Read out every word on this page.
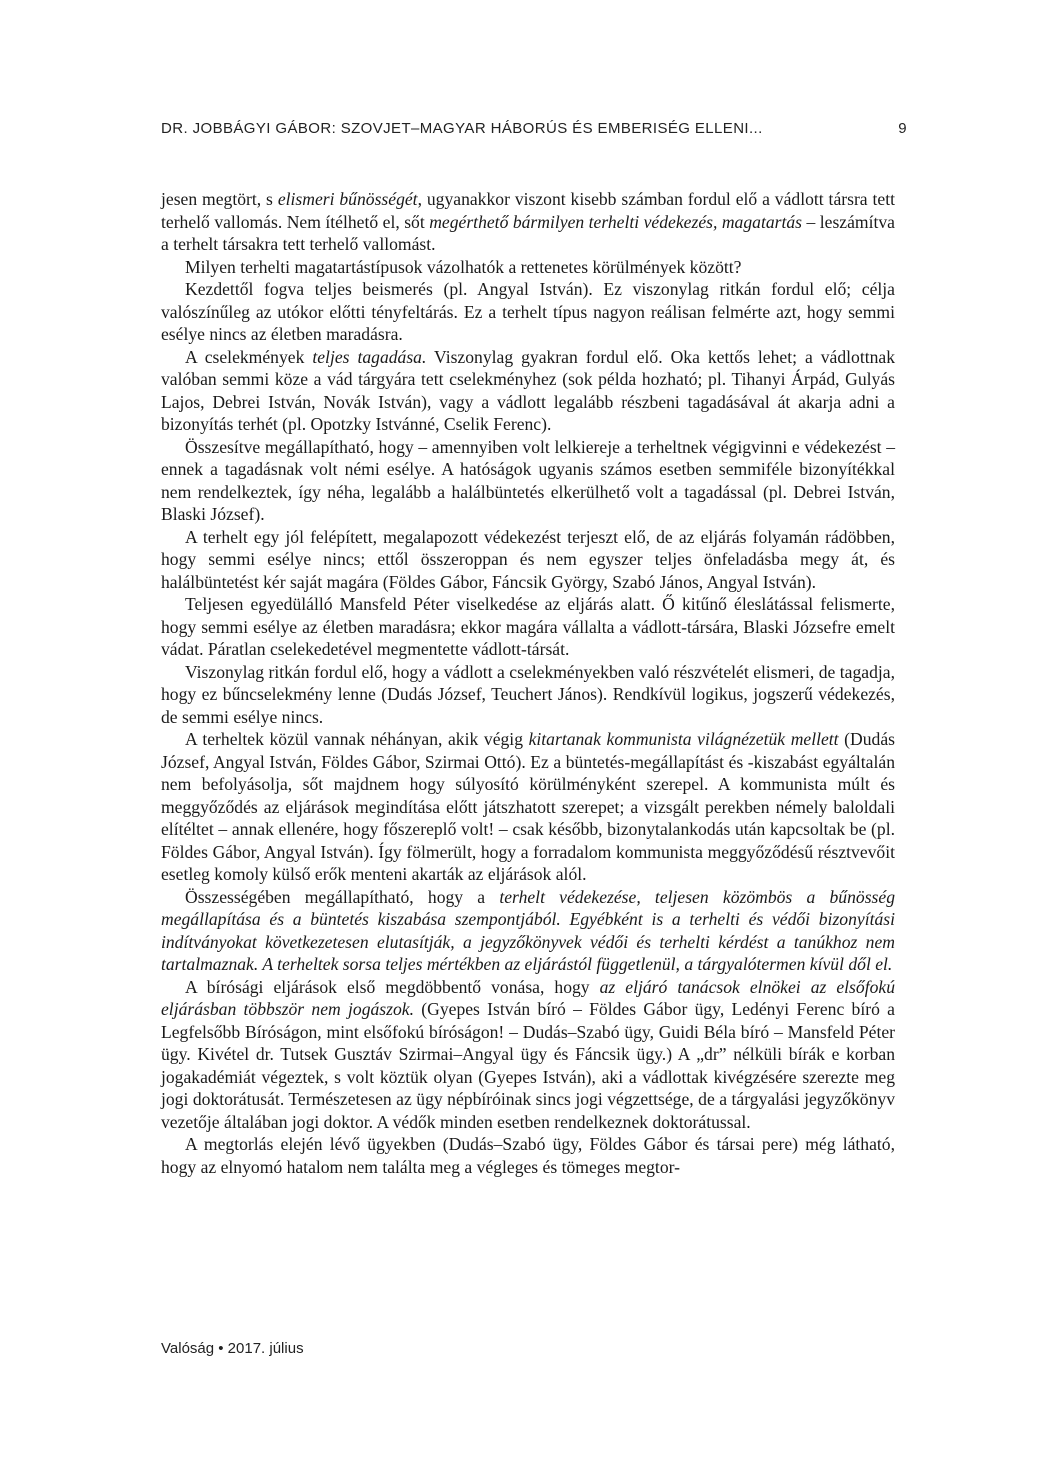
DR. JOBBÁGYI GÁBOR: SZOVJET–MAGYAR HÁBORÚS ÉS EMBERISÉG ELLENI...	9

jesen megtört, s elismeri bűnösségét, ugyanakkor viszont kisebb számban fordul elő a vádlott társra tett terhelő vallomás. Nem ítélhető el, sőt megérthető bármilyen terhelti védekezés, magatartás – leszámítva a terhelt társakra tett terhelő vallomást.

Milyen terhelti magatartástípusok vázolhatók a rettenetes körülmények között?

Kezdettől fogva teljes beismerés (pl. Angyal István). Ez viszonylag ritkán fordul elő; célja valószínűleg az utókor előtti tényfeltárás. Ez a terhelt típus nagyon reálisan felmérte azt, hogy semmi esélye nincs az életben maradásra.

A cselekmények teljes tagadása. Viszonylag gyakran fordul elő. Oka kettős lehet; a vádlottnak valóban semmi köze a vád tárgyára tett cselekményhez (sok példa hozható; pl. Tihanyi Árpád, Gulyás Lajos, Debrei István, Novák István), vagy a vádlott legalább részbeni tagadásával át akarja adni a bizonyítás terhét (pl. Opotzky Istvánné, Cselik Ferenc).

Összesítve megállapítható, hogy – amennyiben volt lelkiereje a terheltnek végigvinni e védekezést – ennek a tagadásnak volt némi esélye. A hatóságok ugyanis számos esetben semmiféle bizonyítékkal nem rendelkeztek, így néha, legalább a halálbüntetés elkerülhető volt a tagadással (pl. Debrei István, Blaski József).

A terhelt egy jól felépített, megalapozott védekezést terjeszt elő, de az eljárás folyamán rádöbben, hogy semmi esélye nincs; ettől összeroppan és nem egyszer teljes önfeladásba megy át, és halálbüntetést kér saját magára (Földes Gábor, Fáncsik György, Szabó János, Angyal István).

Teljesen egyedülálló Mansfeld Péter viselkedése az eljárás alatt. Ő kitűnő éleslátással felismerte, hogy semmi esélye az életben maradásra; ekkor magára vállalta a vádlott-társára, Blaski Józsefre emelt vádat. Páratlan cselekedetével megmentette vádlott-társát.

Viszonylag ritkán fordul elő, hogy a vádlott a cselekményekben való részvételét elismeri, de tagadja, hogy ez bűncselekmény lenne (Dudás József, Teuchert János). Rendkívül logikus, jogszerű védekezés, de semmi esélye nincs.

A terheltek közül vannak néhányan, akik végig kitartanak kommunista világnézetük mellett (Dudás József, Angyal István, Földes Gábor, Szirmai Ottó). Ez a büntetés-megállapítást és -kiszabást egyáltalán nem befolyásolja, sőt majdnem hogy súlyosító körülményként szerepel. A kommunista múlt és meggyőződés az eljárások megindítása előtt játszhatott szerepet; a vizsgált perekben némely baloldali elítéltet – annak ellenére, hogy főszereplő volt! – csak később, bizonytalankodás után kapcsoltak be (pl. Földes Gábor, Angyal István). Így fölmerült, hogy a forradalom kommunista meggyőződésű résztvevőit esetleg komoly külső erők menteni akarták az eljárások alól.

Összességében megállapítható, hogy a terhelt védekezése, teljesen közömbös a bűnösség megállapítása és a büntetés kiszabása szempontjából. Egyébként is a terhelti és védői bizonyítási indítványokat következetesen elutasítják, a jegyzőkönyvek védői és terhelti kérdést a tanúkhoz nem tartalmaznak. A terheltek sorsa teljes mértékben az eljárástól függetlenül, a tárgyalótermen kívül dől el.

A bírósági eljárások első megdöbbentő vonása, hogy az eljáró tanácsok elnökei az elsőfokú eljárásban többször nem jogászok. (Gyepes István bíró – Földes Gábor ügy, Ledényi Ferenc bíró a Legfelsőbb Bíróságon, mint elsőfokú bíróságon! – Dudás–Szabó ügy, Guidi Béla bíró – Mansfeld Péter ügy. Kivétel dr. Tutsek Gusztáv Szirmai–Angyal ügy és Fáncsik ügy.) A „dr” nélküli bírák e korban jogakadémiát végeztek, s volt köztük olyan (Gyepes István), aki a vádlottak kivégzésére szerezte meg jogi doktorátusát. Természetesen az ügy népbíróinak sincs jogi végzettsége, de a tárgyalási jegyzőkönyv vezetője általában jogi doktor. A védők minden esetben rendelkeznek doktorátussal.

A megtorlás elején lévő ügyekben (Dudás–Szabó ügy, Földes Gábor és társai pere) még látható, hogy az elnyomó hatalom nem találta meg a végleges és tömeges megtor-

Valóság • 2017. július
